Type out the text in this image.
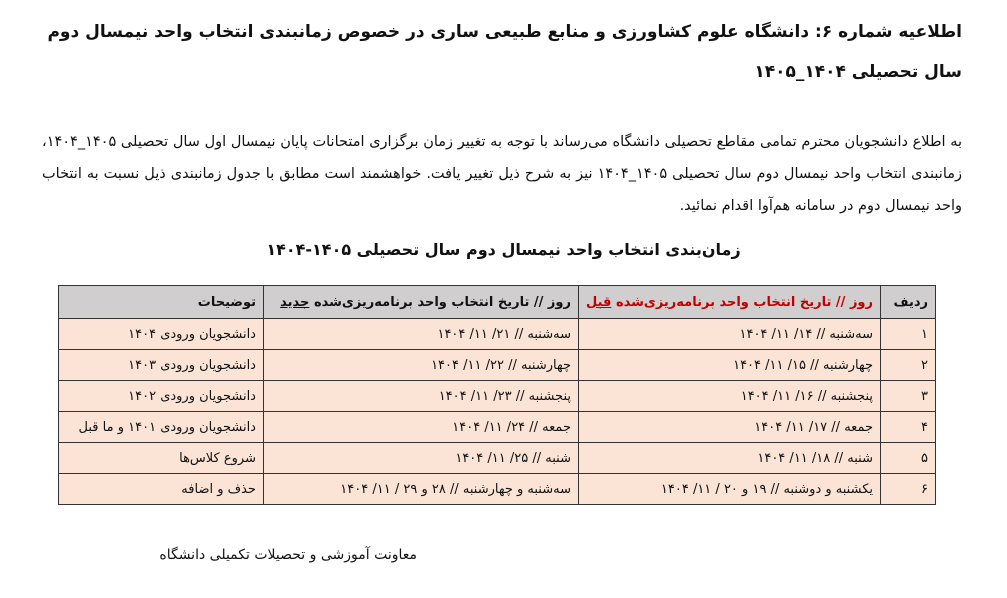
اطلاعیه شماره ۶: دانشگاه علوم کشاورزی و منابع طبیعی ساری در خصوص زمانبندی انتخاب واحد نیمسال دوم سال تحصیلی ۱۴۰۴_۱۴۰۵
به اطلاع دانشجویان محترم تمامی مقاطع تحصیلی دانشگاه می‌رساند با توجه به تغییر زمان برگزاری امتحانات پایان نیمسال اول سال تحصیلی ۱۴۰۵_۱۴۰۴، زمانبندی انتخاب واحد نیمسال دوم سال تحصیلی ۱۴۰۵_۱۴۰۴ نیز به شرح ذیل تغییر یافت. خواهشمند است مطابق با جدول زمانبندی ذیل نسبت به انتخاب واحد نیمسال دوم در سامانه هم‌آوا اقدام نمائید.
زمان‌بندی انتخاب واحد نیمسال دوم سال تحصیلی ۱۴۰۵-۱۴۰۴
ردیف	روز // تاریخ انتخاب واحد برنامه‌ریزی‌شده قبل	روز // تاریخ انتخاب واحد برنامه‌ریزی‌شده جدید	توضیحات
۱	سه‌شنبه // ۱۴/ ۱۱/ ۱۴۰۴	سه‌شنبه // ۲۱/ ۱۱/ ۱۴۰۴	دانشجویان ورودی ۱۴۰۴
۲	چهارشنبه // ۱۵/ ۱۱/ ۱۴۰۴	چهارشنبه // ۲۲/ ۱۱/ ۱۴۰۴	دانشجویان ورودی ۱۴۰۳
۳	پنجشنبه // ۱۶/ ۱۱/ ۱۴۰۴	پنجشنبه // ۲۳/ ۱۱/ ۱۴۰۴	دانشجویان ورودی ۱۴۰۲
۴	جمعه // ۱۷/ ۱۱/ ۱۴۰۴	جمعه // ۲۴/ ۱۱/ ۱۴۰۴	دانشجویان ورودی ۱۴۰۱ و ما قبل
۵	شنبه // ۱۸/ ۱۱/ ۱۴۰۴	شنبه // ۲۵/ ۱۱/ ۱۴۰۴	شروع کلاس‌ها
۶	یکشنبه و دوشنبه // ۱۹ و ۲۰ / ۱۱/ ۱۴۰۴	سه‌شنبه و چهارشنبه // ۲۸ و ۲۹ / ۱۱/ ۱۴۰۴	حذف و اضافه
معاونت آموزشی و تحصیلات تکمیلی دانشگاه
